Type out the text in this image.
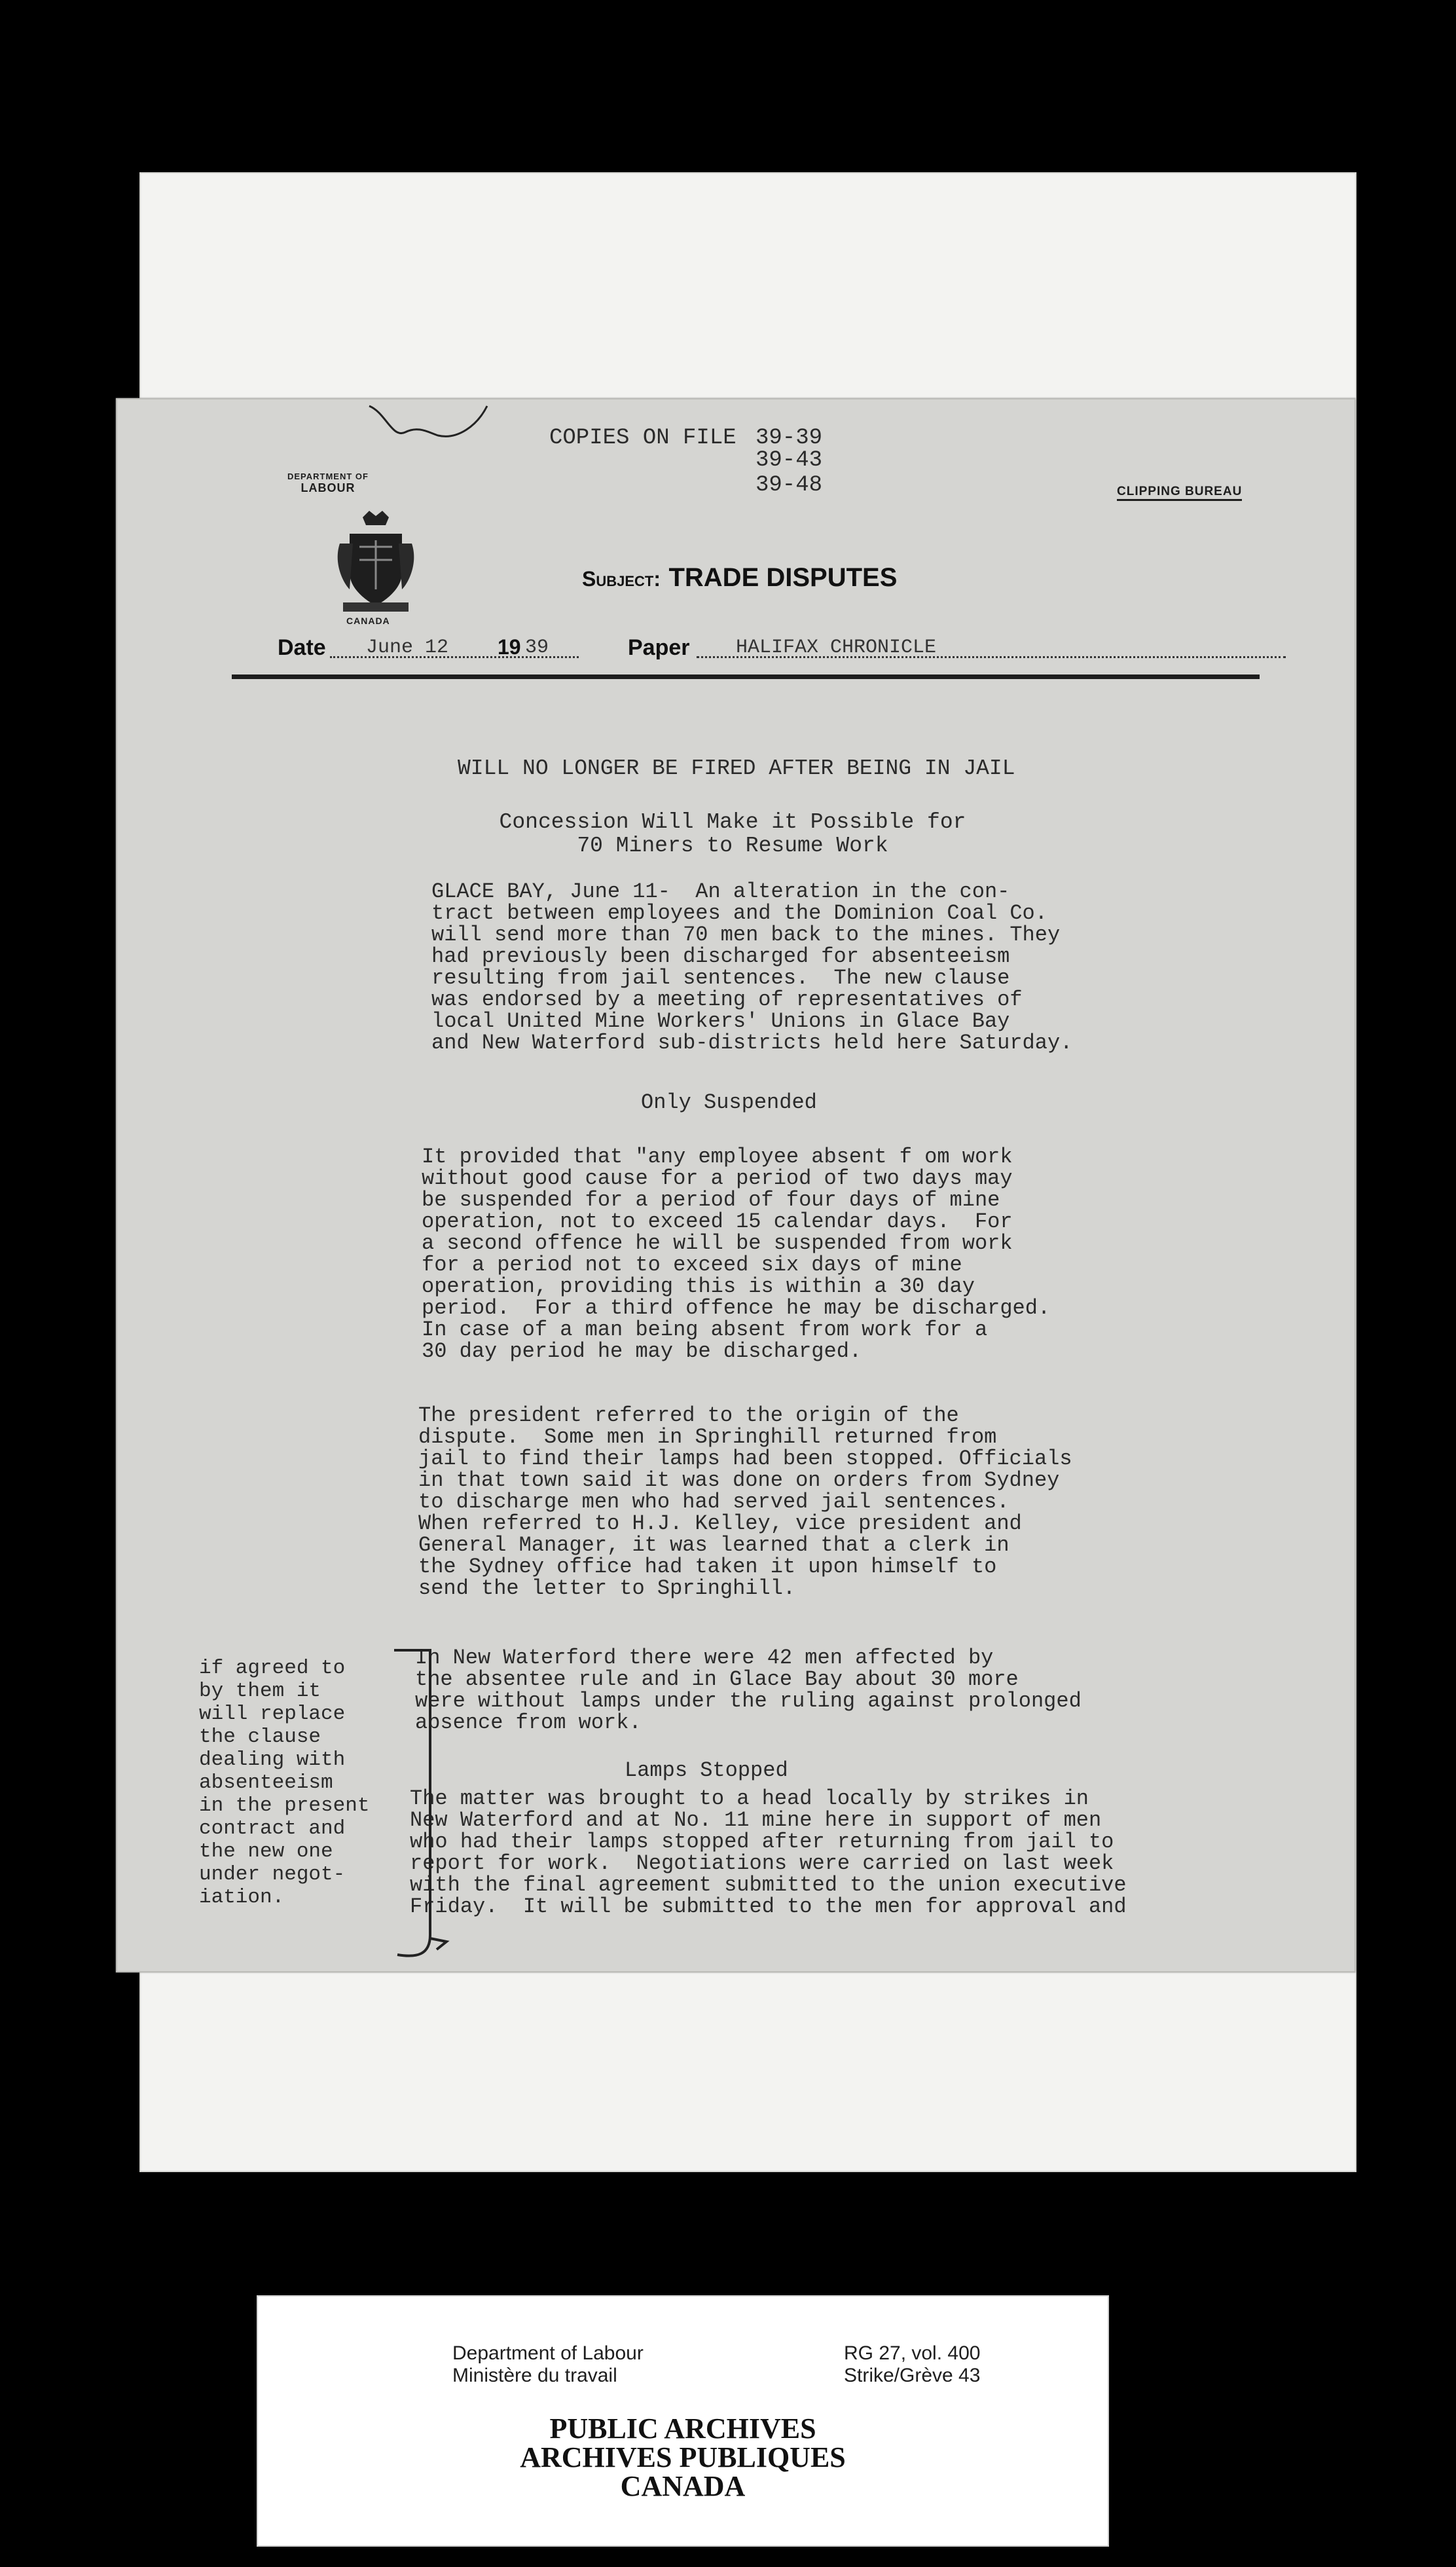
COPIES ON FILE 39-39
39-43
39-48
DEPARTMENT OF
LABOUR
CANADA
CLIPPING BUREAU
Subject: TRADE DISPUTES
Date June 12 19 39	Paper HALIFAX CHRONICLE
WILL NO LONGER BE FIRED AFTER BEING IN JAIL
Concession Will Make it Possible for
70 Miners to Resume Work
GLACE BAY, June 11-  An alteration in the con-
tract between employees and the Dominion Coal Co.
will send more than 70 men back to the mines. They
had previously been discharged for absenteeism
resulting from jail sentences.  The new clause
was endorsed by a meeting of representatives of
local United Mine Workers' Unions in Glace Bay
and New Waterford sub-districts held here Saturday.
Only Suspended
It provided that "any employee absent f om work
without good cause for a period of two days may
be suspended for a period of four days of mine
operation, not to exceed 15 calendar days.  For
a second offence he will be suspended from work
for a period not to exceed six days of mine
operation, providing this is within a 30 day
period.  For a third offence he may be discharged.
In case of a man being absent from work for a
30 day period he may be discharged.
The president referred to the origin of the
dispute.  Some men in Springhill returned from
jail to find their lamps had been stopped. Officials
in that town said it was done on orders from Sydney
to discharge men who had served jail sentences.
When referred to H.J. Kelley, vice president and
General Manager, it was learned that a clerk in
the Sydney office had taken it upon himself to
send the letter to Springhill.
In New Waterford there were 42 men affected by
the absentee rule and in Glace Bay about 30 more
were without lamps under the ruling against prolonged
absence from work.
Lamps Stopped
The matter was brought to a head locally by strikes in
New Waterford and at No. 11 mine here in support of men
who had their lamps stopped after returning from jail to
report for work.  Negotiations were carried on last week
with the final agreement submitted to the union executive
Friday.  It will be submitted to the men for approval and
if agreed to
by them it
will replace
the clause
dealing with
absenteeism
in the present
contract and
the new one
under negot-
iation.
Department of Labour
Ministère du travail
RG 27, vol. 400
Strike/Grève 43
PUBLIC ARCHIVES
ARCHIVES PUBLIQUES
CANADA
